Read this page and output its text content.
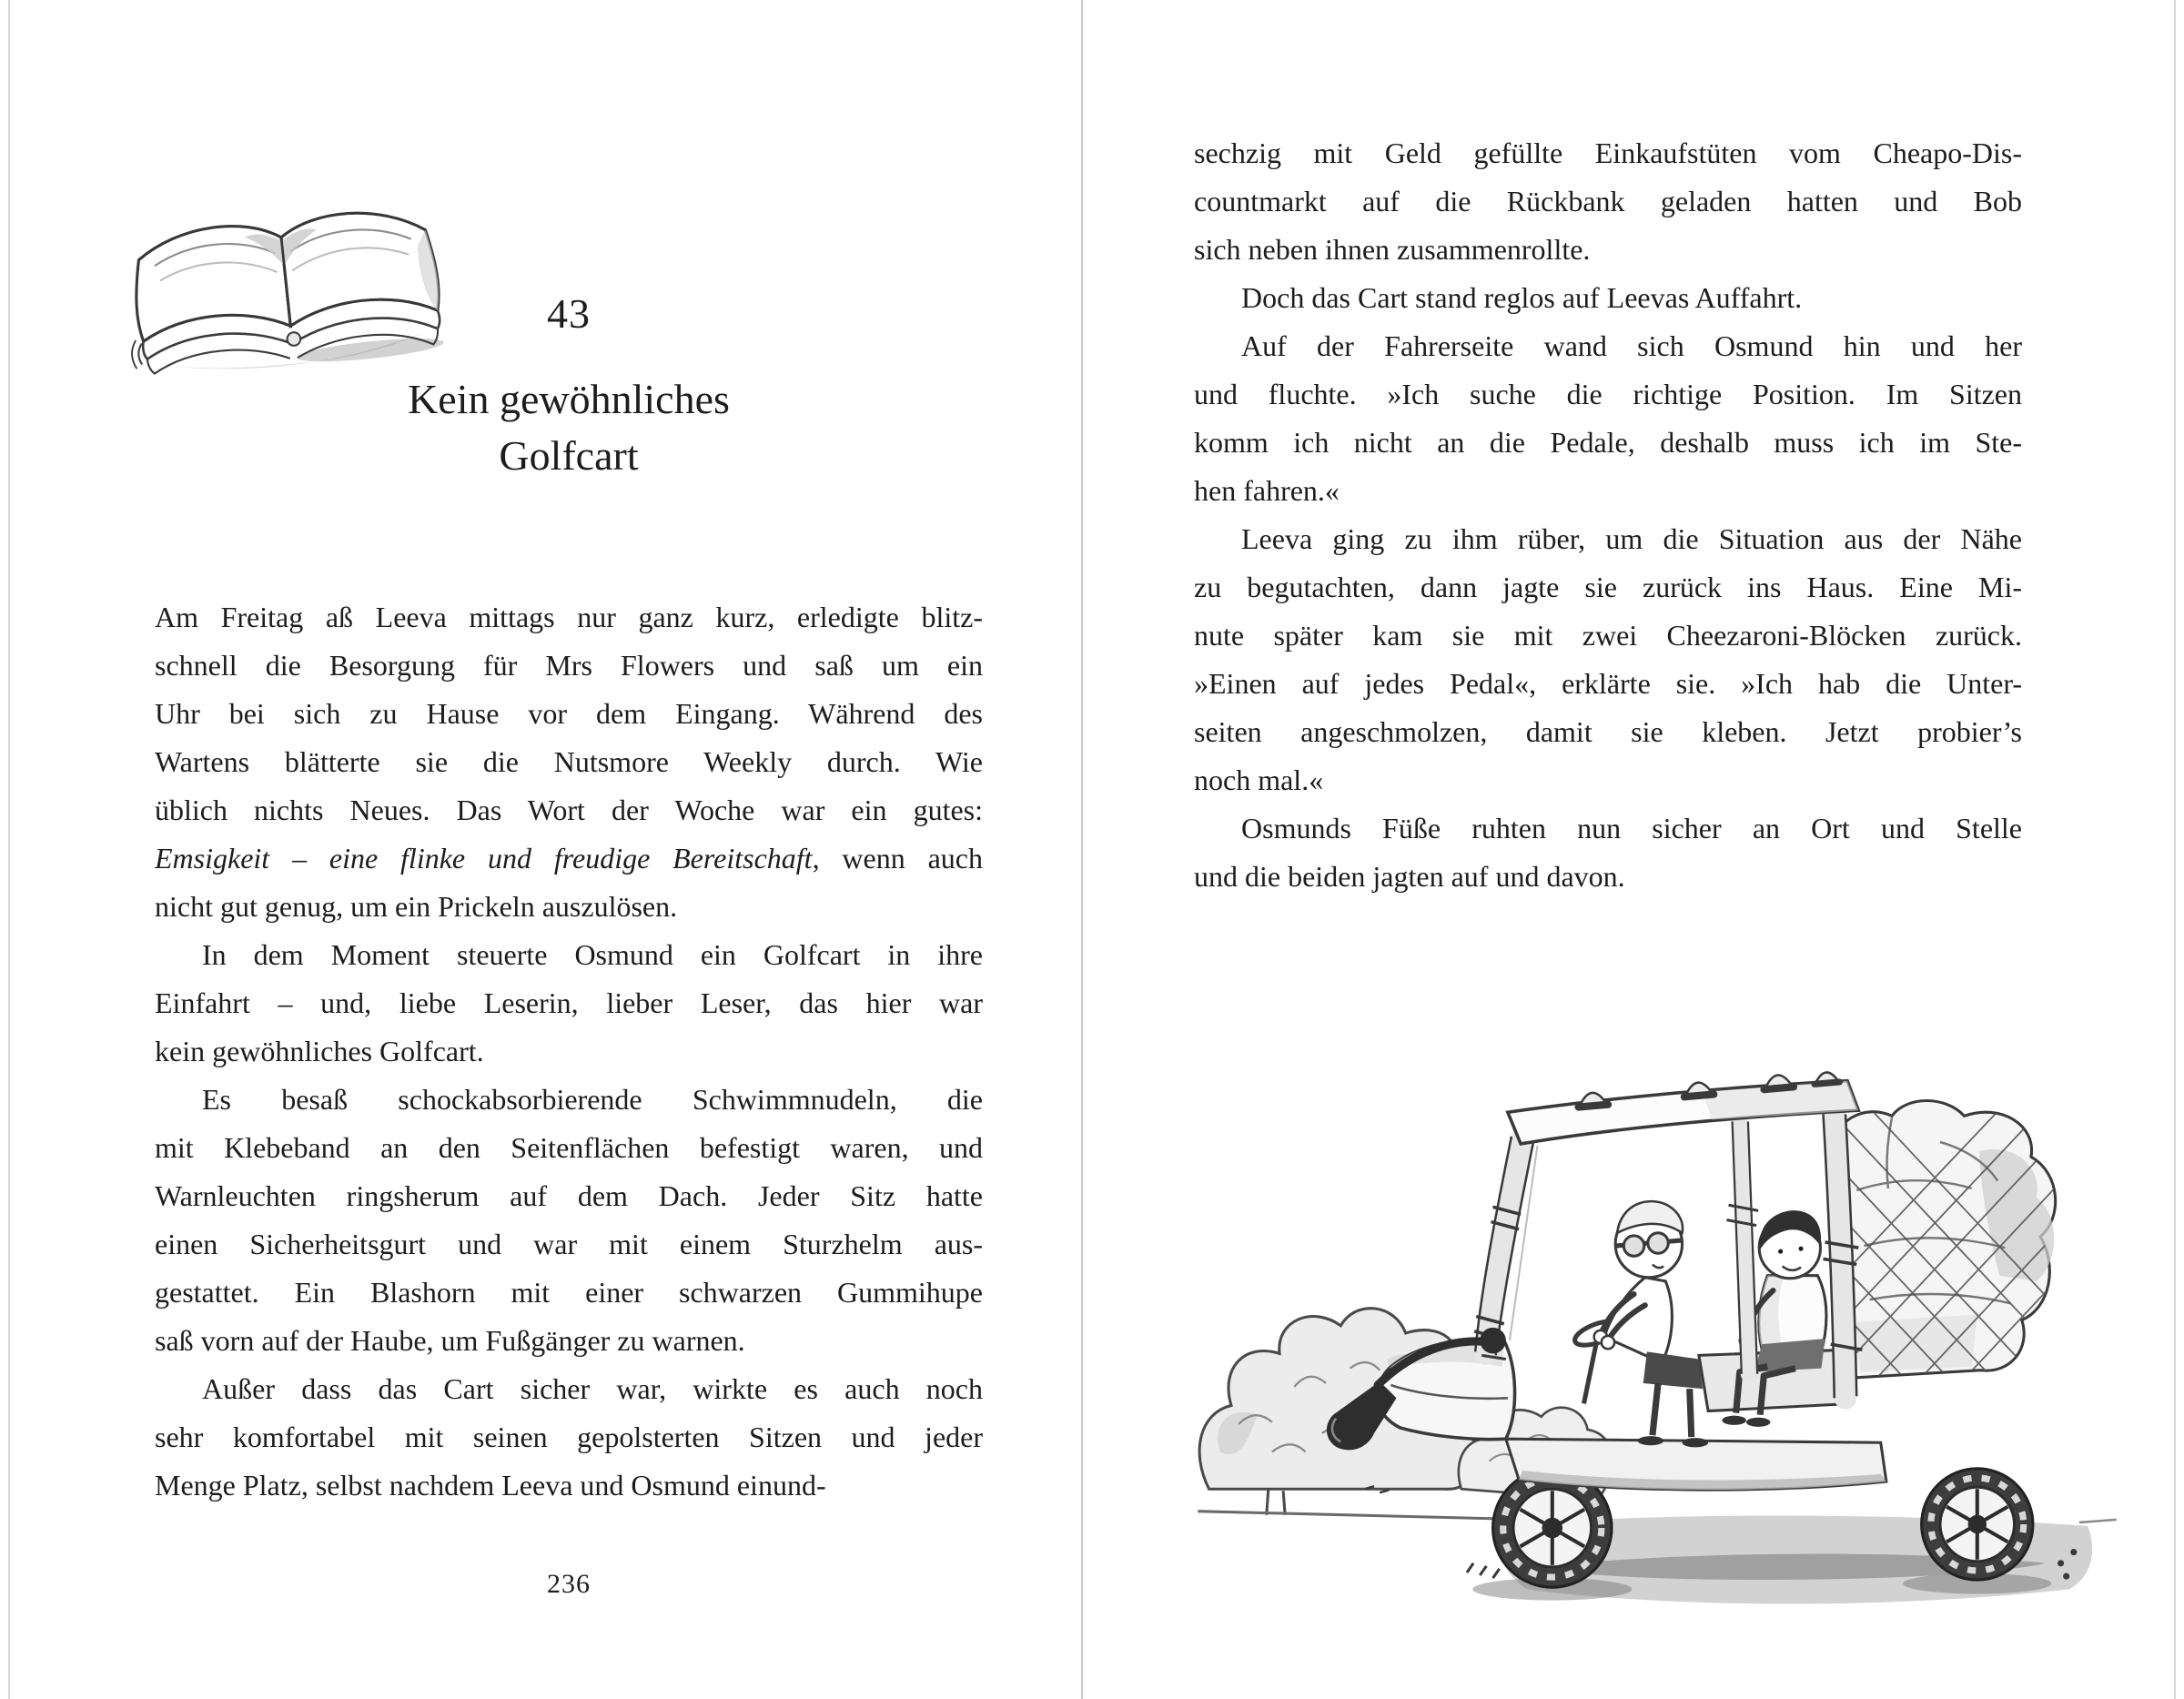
43
Kein gewöhnliches
Golfcart
Am Freitag aß Leeva mittags nur ganz kurz, erledigte blitz-
schnell die Besorgung für Mrs Flowers und saß um ein
Uhr bei sich zu Hause vor dem Eingang. Während des
Wartens blätterte sie die Nutsmore Weekly durch. Wie
üblich nichts Neues. Das Wort der Woche war ein gutes:
Emsigkeit – eine flinke und freudige Bereitschaft, wenn auch
nicht gut genug, um ein Prickeln auszulösen.
In dem Moment steuerte Osmund ein Golfcart in ihre
Einfahrt – und, liebe Leserin, lieber Leser, das hier war
kein gewöhnliches Golfcart.
Es besaß schockabsorbierende Schwimmnudeln, die
mit Klebeband an den Seitenflächen befestigt waren, und
Warnleuchten ringsherum auf dem Dach. Jeder Sitz hatte
einen Sicherheitsgurt und war mit einem Sturzhelm aus-
gestattet. Ein Blashorn mit einer schwarzen Gummihupe
saß vorn auf der Haube, um Fußgänger zu warnen.
Außer dass das Cart sicher war, wirkte es auch noch
sehr komfortabel mit seinen gepolsterten Sitzen und jeder
Menge Platz, selbst nachdem Leeva und Osmund einund-
236
sechzig mit Geld gefüllte Einkaufstüten vom Cheapo-Dis-
countmarkt auf die Rückbank geladen hatten und Bob
sich neben ihnen zusammenrollte.
Doch das Cart stand reglos auf Leevas Auffahrt.
Auf der Fahrerseite wand sich Osmund hin und her
und fluchte. »Ich suche die richtige Position. Im Sitzen
komm ich nicht an die Pedale, deshalb muss ich im Ste-
hen fahren.«
Leeva ging zu ihm rüber, um die Situation aus der Nähe
zu begutachten, dann jagte sie zurück ins Haus. Eine Mi-
nute später kam sie mit zwei Cheezaroni-Blöcken zurück.
»Einen auf jedes Pedal«, erklärte sie. »Ich hab die Unter-
seiten angeschmolzen, damit sie kleben. Jetzt probier’s
noch mal.«
Osmunds Füße ruhten nun sicher an Ort und Stelle
und die beiden jagten auf und davon.
